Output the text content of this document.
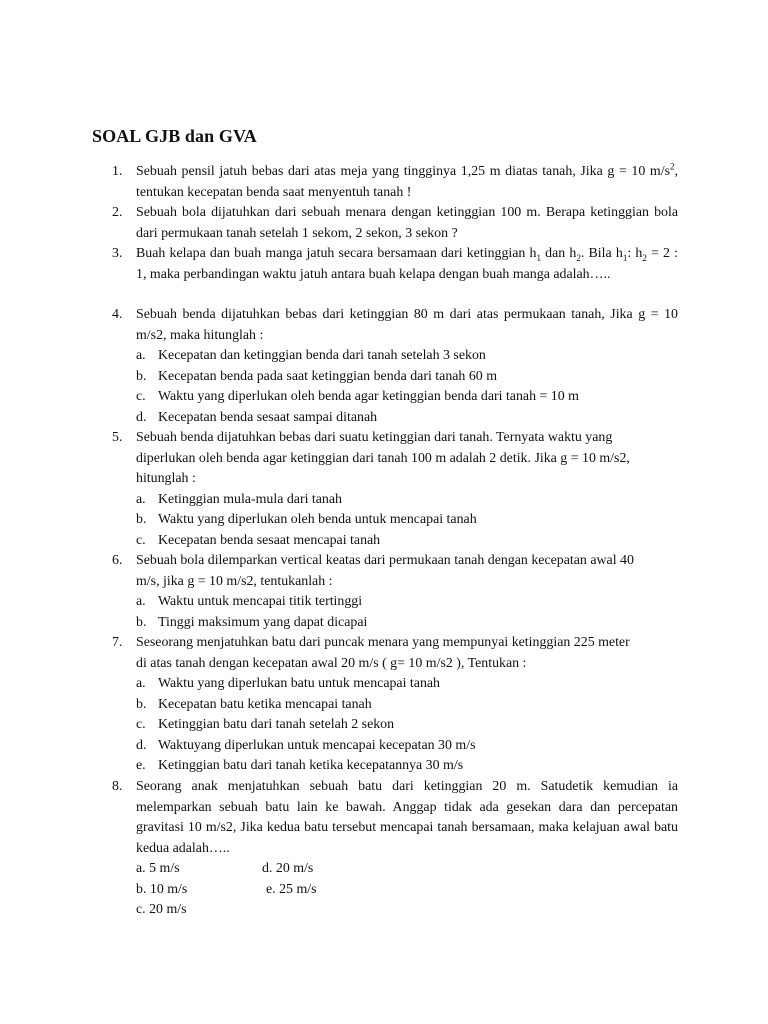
SOAL GJB dan GVA
1. Sebuah pensil jatuh bebas dari atas meja yang tingginya 1,25 m diatas tanah, Jika g = 10 $m/s^2$, tentukan kecepatan benda saat menyentuh tanah !
2. Sebuah bola dijatuhkan dari sebuah menara dengan ketinggian 100 m. Berapa ketinggian bola dari permukaan tanah setelah 1 sekom, 2 sekon, 3 sekon ?
3. Buah kelapa dan buah manga jatuh secara bersamaan dari ketinggian $h_1$ dan $h_2$. Bila $h_1$: $h_2 = 2$ : 1, maka perbandingan waktu jatuh antara buah kelapa dengan buah manga adalah…..
4. Sebuah benda dijatuhkan bebas dari ketinggian 80 m dari atas permukaan tanah, Jika g = 10 m/s2, maka hitunglah :
a. Kecepatan dan ketinggian benda dari tanah setelah 3 sekon
b. Kecepatan benda pada saat ketinggian benda dari tanah 60 m
c. Waktu yang diperlukan oleh benda agar ketinggian benda dari tanah = 10 m
d. Kecepatan benda sesaat sampai ditanah
5. Sebuah benda dijatuhkan bebas dari suatu ketinggian dari tanah. Ternyata waktu yang
diperlukan oleh benda agar ketinggian dari tanah 100 m adalah 2 detik. Jika g = 10 m/s2,
hitunglah :
a. Ketinggian mula-mula dari tanah
b. Waktu yang diperlukan oleh benda untuk mencapai tanah
c. Kecepatan benda sesaat mencapai tanah
6. Sebuah bola dilemparkan vertical keatas dari permukaan tanah dengan kecepatan awal 40
m/s, jika g = 10 m/s2, tentukanlah :
a. Waktu untuk mencapai titik tertinggi
b. Tinggi maksimum yang dapat dicapai
7. Seseorang menjatuhkan batu dari puncak menara yang mempunyai ketinggian 225 meter
di atas tanah dengan kecepatan awal 20 m/s ( g= 10 m/s2 ), Tentukan :
a. Waktu yang diperlukan batu untuk mencapai tanah
b. Kecepatan batu ketika mencapai tanah
c. Ketinggian batu dari tanah setelah 2 sekon
d. Waktuyang diperlukan untuk mencapai kecepatan 30 m/s
e. Ketinggian batu dari tanah ketika kecepatannya 30 m/s
8. Seorang anak menjatuhkan sebuah batu dari ketinggian 20 m. Satudetik kemudian ia melemparkan sebuah batu lain ke bawah. Anggap tidak ada gesekan dara dan percepatan gravitasi 10 m/s2, Jika kedua batu tersebut mencapai tanah bersamaan, maka kelajuan awal batu kedua adalah…..
a. 5 m/s	d. 20 m/s
b. 10 m/s	e. 25 m/s
c. 20 m/s
